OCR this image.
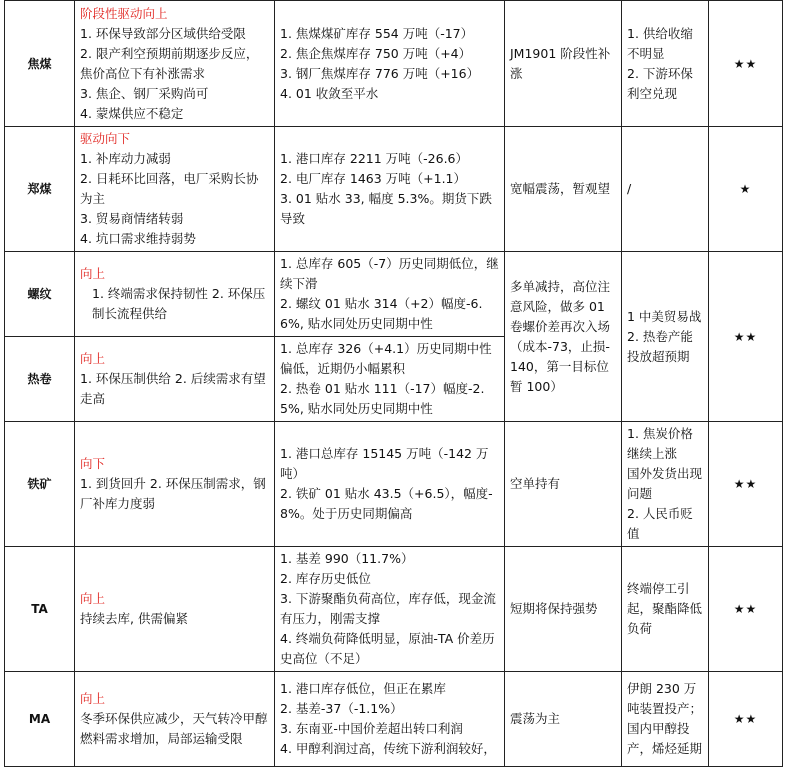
焦煤	阶段性驱动向上
1. 环保导致部分区域供给受限
2. 限产利空预期前期逐步反应，焦价高位下有补涨需求
3. 焦企、钢厂采购尚可
4. 蒙煤供应不稳定	1. 焦煤煤矿库存 554 万吨（-17）
2. 焦企焦煤库存 750 万吨（+4）
3. 钢厂焦煤库存 776 万吨（+16）
4. 01 收敛至平水	JM1901 阶段性补涨	1. 供给收缩不明显
2. 下游环保利空兑现	★★
郑煤	驱动向下
1. 补库动力减弱
2. 日耗环比回落，电厂采购长协为主
3. 贸易商情绪转弱
4. 坑口需求维持弱势	1. 港口库存 2211 万吨（-26.6）
2. 电厂库存 1463 万吨（+1.1）
3. 01 贴水 33, 幅度 5.3%。期货下跌导致	宽幅震荡，暂观望	/	★
螺纹	向上
1. 终端需求保持韧性 2. 环保压制长流程供给	1. 总库存 605（-7）历史同期低位，继续下滑
2. 螺纹 01 贴水 314（+2）幅度-6.6%, 贴水同处历史同期中性	多单减持，高位注意风险，做多 01 卷螺价差再次入场（成本-73，止损-140，第一目标位暂 100）	1 中美贸易战
2. 热卷产能投放超预期	★★
热卷	向上
1. 环保压制供给 2. 后续需求有望走高	1. 总库存 326（+4.1）历史同期中性偏低，近期仍小幅累积
2. 热卷 01 贴水 111（-17）幅度-2.5%, 贴水同处历史同期中性			

铁矿	向下
1. 到货回升 2. 环保压制需求，钢厂补库力度弱	1. 港口总库存 15145 万吨（-142 万吨）
2. 铁矿 01 贴水 43.5（+6.5），幅度-8%。处于历史同期偏高	空单持有	1. 焦炭价格继续上涨
国外发货出现问题
2. 人民币贬值	★★
TA	向上
持续去库, 供需偏紧	1. 基差 990（11.7%）
2. 库存历史低位
3. 下游聚酯负荷高位，库存低，现金流有压力，刚需支撑
4. 终端负荷降低明显，原油-TA 价差历史高位（不足）	短期将保持强势	终端停工引起，聚酯降低负荷	★★
MA	向上
冬季环保供应减少，天气转冷甲醇燃料需求增加，局部运输受限	1. 港口库存低位，但正在累库
2. 基差-37（-1.1%）
3. 东南亚-中国价差超出转口利润
4. 甲醇利润过高，传统下游利润较好，	震荡为主	伊朗 230 万吨装置投产；国内甲醇投产，烯烃延期	★★
